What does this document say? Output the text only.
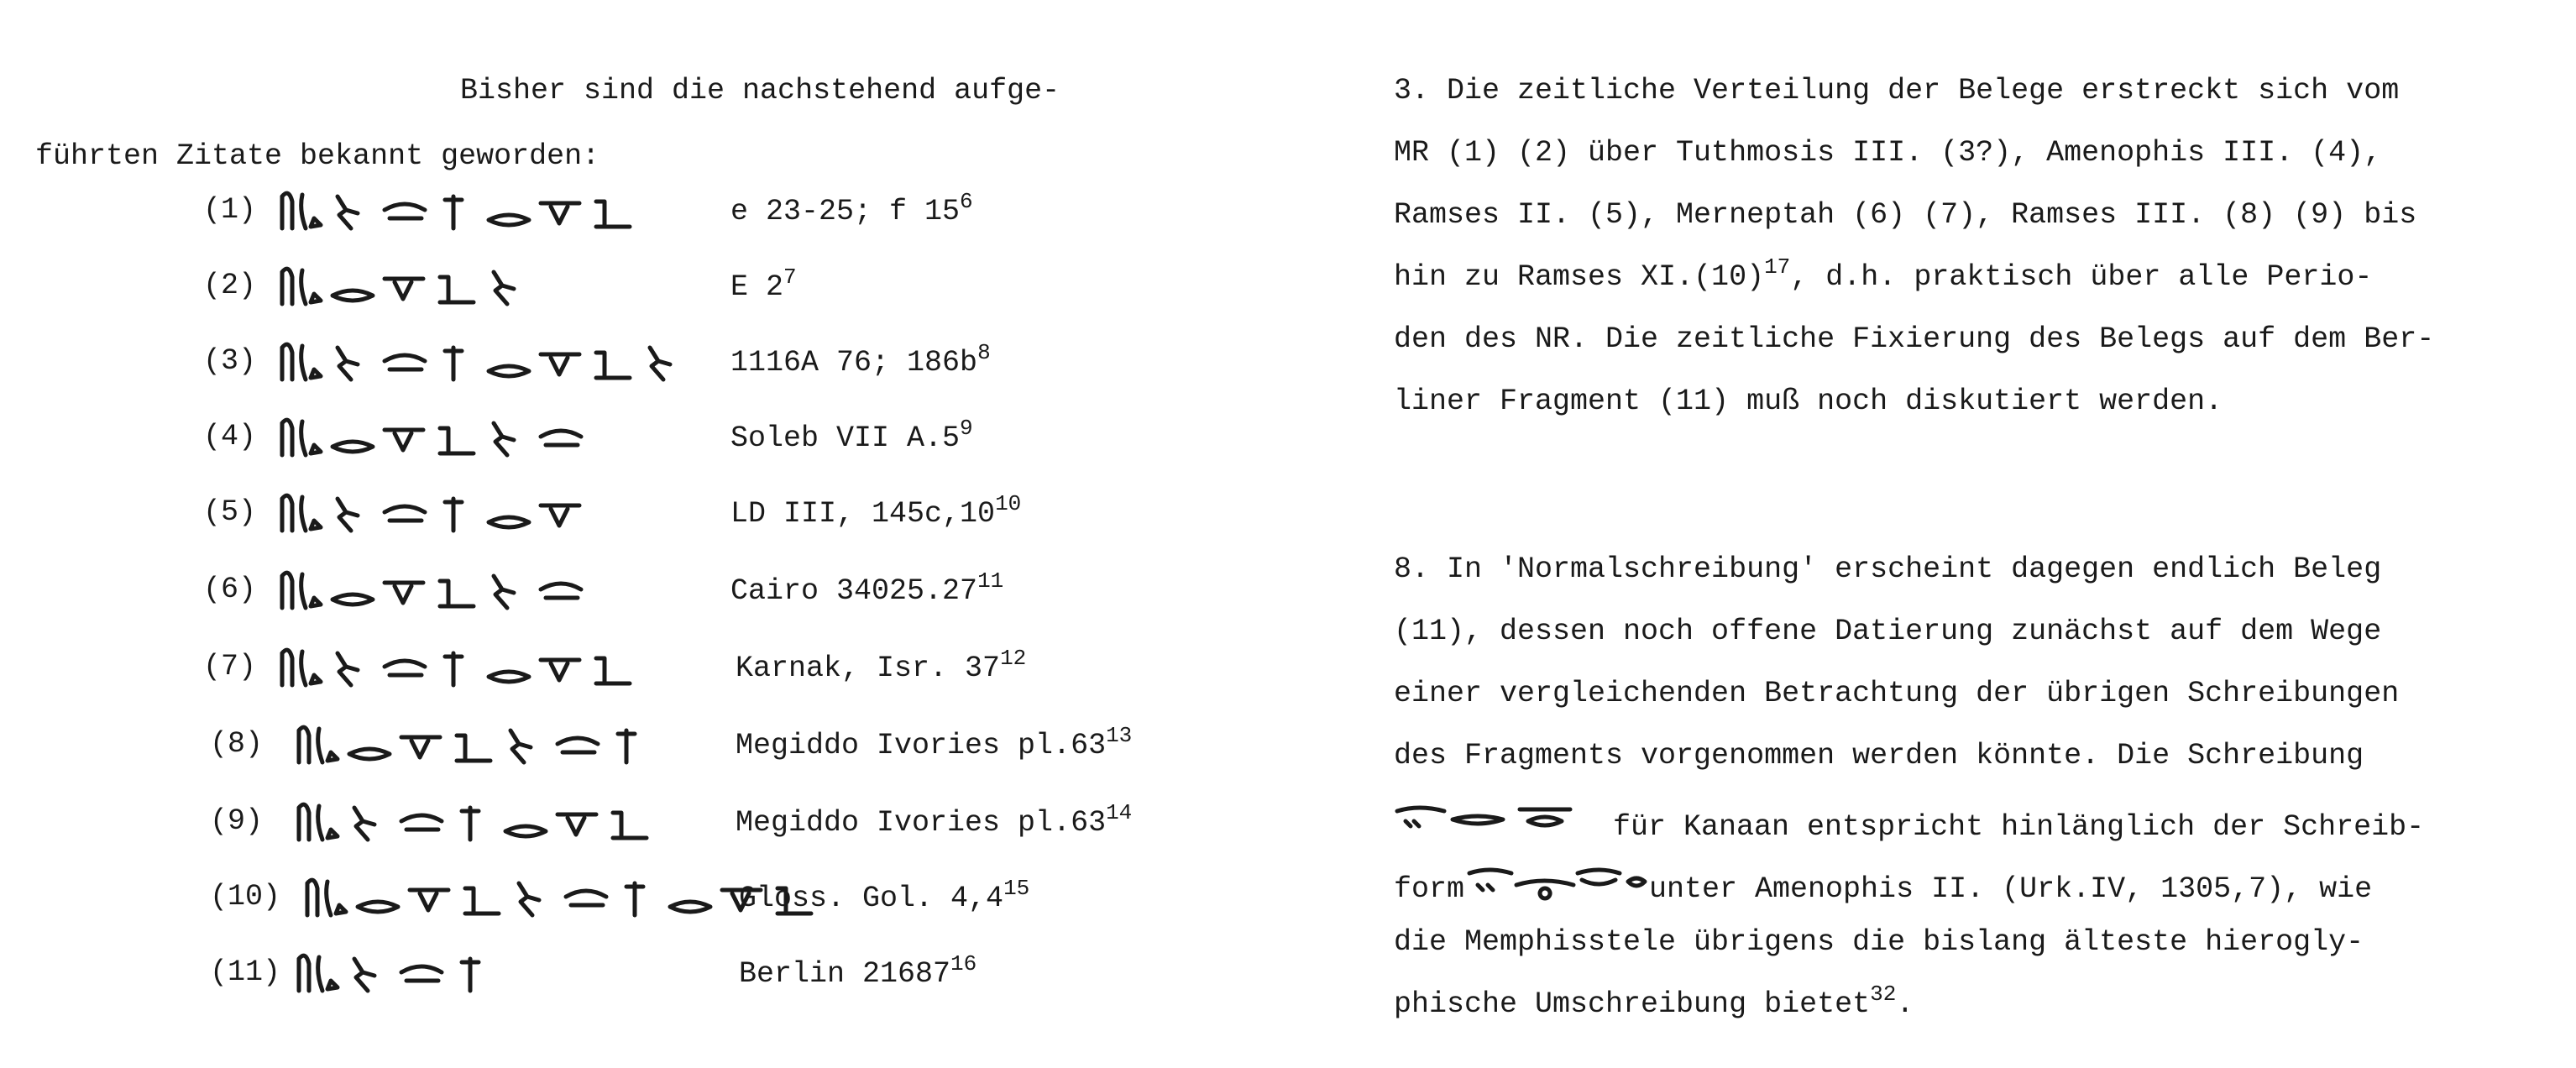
Bisher sind die nachstehend aufge-
führten Zitate bekannt geworden:
(1)	e 23-25; f $15^6$
(2)	E $2^7$
(3)	1116A 76; $186b^8$
(4)	Soleb VII $A.5^9$
(5)	LD III, $145c,10^{10}$
(6)	Cairo 34025.27$^{11}$
(7)	Karnak, Isr. $37^{12}$
(8)	Megiddo Ivories $pl.63^{13}$
(9)	Megiddo Ivories $pl.63^{14}$
(10)	Gloss. Gol. $4,4^{15}$
(11)	Berlin 21687$^{16}$
3. Die zeitliche Verteilung der Belege erstreckt sich vom
MR (1) (2) über Tuthmosis III. (3?), Amenophis III. (4),
Ramses II. (5), Merneptah (6) (7), Ramses III. (8) (9) bis
hin zu Ramses $XI.(10)^{17}$, d.h. praktisch über alle Perio-
den des NR. Die zeitliche Fixierung des Belegs auf dem Ber-
liner Fragment (11) muß noch diskutiert werden.
8. In 'Normalschreibung' erscheint dagegen endlich Beleg
(11), dessen noch offene Datierung zunächst auf dem Wege
einer vergleichenden Betrachtung der übrigen Schreibungen
des Fragments vorgenommen werden könnte. Die Schreibung
für Kanaan entspricht hinlänglich der Schreib-
form	unter Amenophis II. (Urk.IV, 1305,7), wie
die Memphisstele übrigens die bislang älteste hierogly-
phische Umschreibung bietet$^{32}$.
